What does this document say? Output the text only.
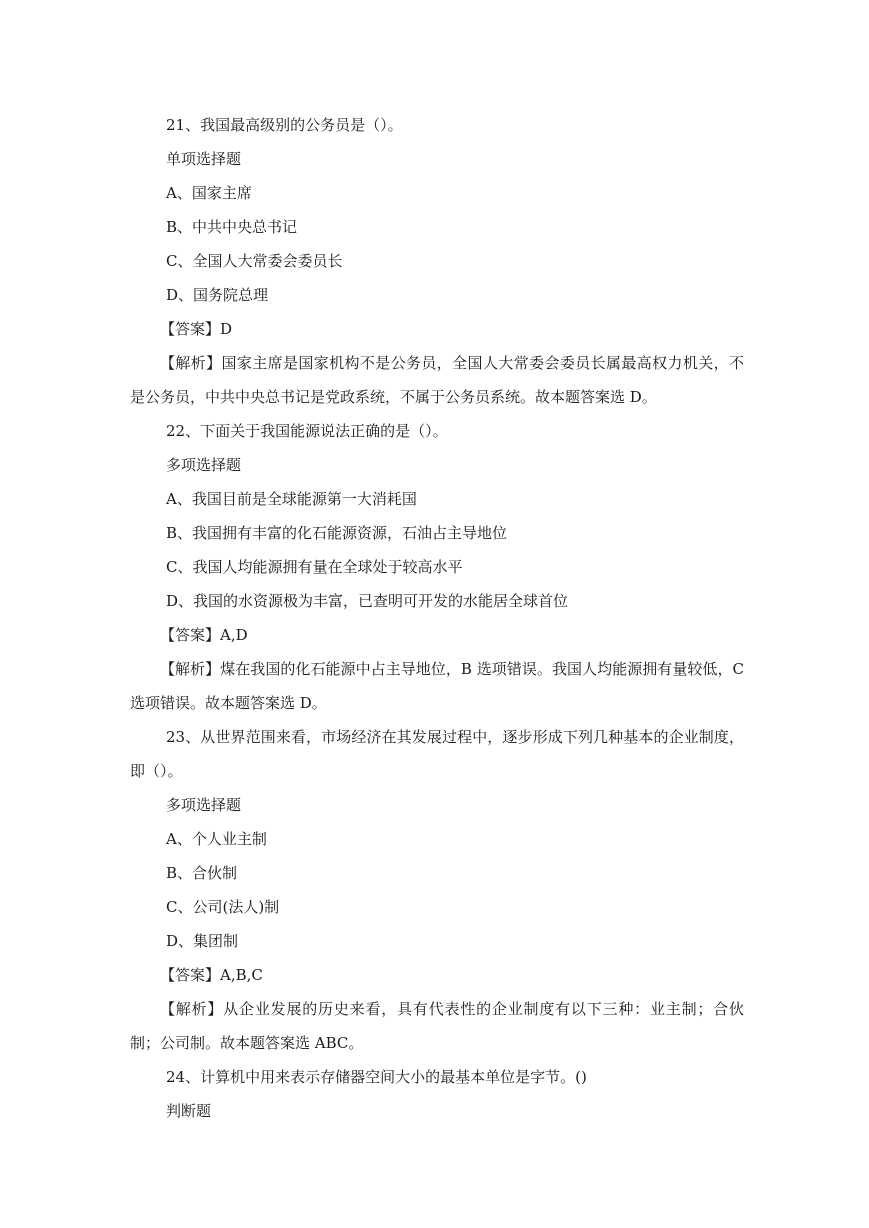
21、我国最高级别的公务员是（）。
单项选择题
A、国家主席
B、中共中央总书记
C、全国人大常委会委员长
D、国务院总理
【答案】D
【解析】国家主席是国家机构不是公务员，全国人大常委会委员长属最高权力机关，不是公务员，中共中央总书记是党政系统，不属于公务员系统。故本题答案选 D。
22、下面关于我国能源说法正确的是（）。
多项选择题
A、我国目前是全球能源第一大消耗国
B、我国拥有丰富的化石能源资源，石油占主导地位
C、我国人均能源拥有量在全球处于较高水平
D、我国的水资源极为丰富，已查明可开发的水能居全球首位
【答案】A,D
【解析】煤在我国的化石能源中占主导地位，B 选项错误。我国人均能源拥有量较低，C 选项错误。故本题答案选 D。
23、从世界范围来看，市场经济在其发展过程中，逐步形成下列几种基本的企业制度，即（）。
多项选择题
A、个人业主制
B、合伙制
C、公司(法人)制
D、集团制
【答案】A,B,C
【解析】从企业发展的历史来看，具有代表性的企业制度有以下三种：业主制；合伙制；公司制。故本题答案选 ABC。
24、计算机中用来表示存储器空间大小的最基本单位是字节。()
判断题
